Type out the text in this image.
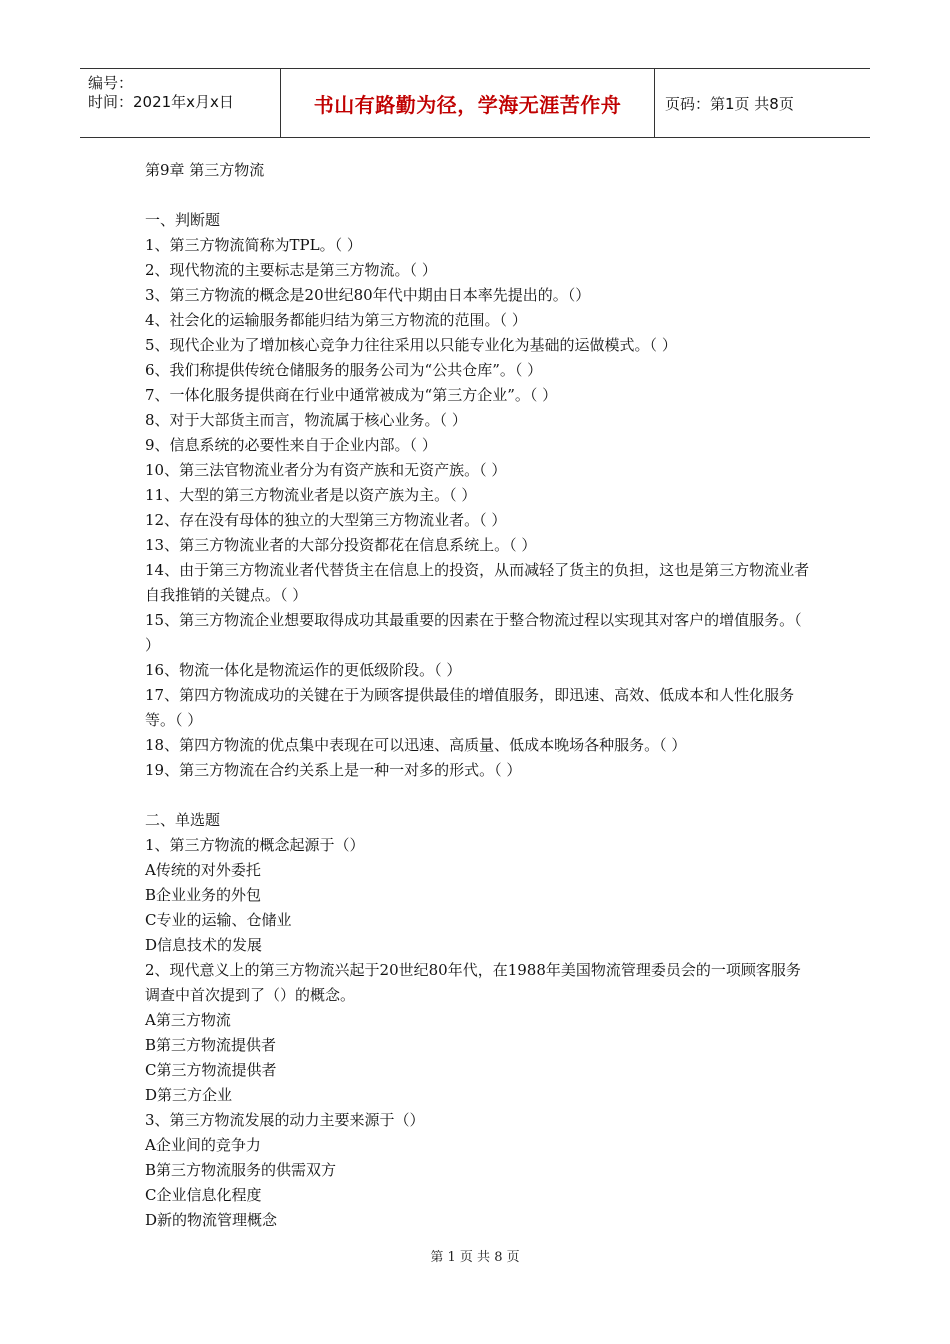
编号：
时间：2021年x月x日	书山有路勤为径，学海无涯苦作舟	页码：第1页 共8页
第9章 第三方物流
一、判断题
1、第三方物流简称为TPL。（ ）
2、现代物流的主要标志是第三方物流。（ ）
3、第三方物流的概念是20世纪80年代中期由日本率先提出的。（）
4、社会化的运输服务都能归结为第三方物流的范围。（ ）
5、现代企业为了增加核心竞争力往往采用以只能专业化为基础的运做模式。（ ）
6、我们称提供传统仓储服务的服务公司为“公共仓库”。（ ）
7、一体化服务提供商在行业中通常被成为“第三方企业”。（ ）
8、对于大部货主而言，物流属于核心业务。（ ）
9、信息系统的必要性来自于企业内部。（ ）
10、第三法官物流业者分为有资产族和无资产族。（ ）
11、大型的第三方物流业者是以资产族为主。（ ）
12、存在没有母体的独立的大型第三方物流业者。（ ）
13、第三方物流业者的大部分投资都花在信息系统上。（ ）
14、由于第三方物流业者代替货主在信息上的投资，从而减轻了货主的负担，这也是第三方物流业者自我推销的关键点。（ ）
15、第三方物流企业想要取得成功其最重要的因素在于整合物流过程以实现其对客户的增值服务。（ ）
16、物流一体化是物流运作的更低级阶段。（ ）
17、第四方物流成功的关键在于为顾客提供最佳的增值服务，即迅速、高效、低成本和人性化服务等。（ ）
18、第四方物流的优点集中表现在可以迅速、高质量、低成本晚场各种服务。（ ）
19、第三方物流在合约关系上是一种一对多的形式。（ ）
二、单选题
1、第三方物流的概念起源于（）
A传统的对外委托
B企业业务的外包
C专业的运输、仓储业
D信息技术的发展
2、现代意义上的第三方物流兴起于20世纪80年代，在1988年美国物流管理委员会的一项顾客服务调查中首次提到了（）的概念。
A第三方物流
B第三方物流提供者
C第三方物流提供者
D第三方企业
3、第三方物流发展的动力主要来源于（）
A企业间的竞争力
B第三方物流服务的供需双方
C企业信息化程度
D新的物流管理概念
第 1 页 共 8 页
